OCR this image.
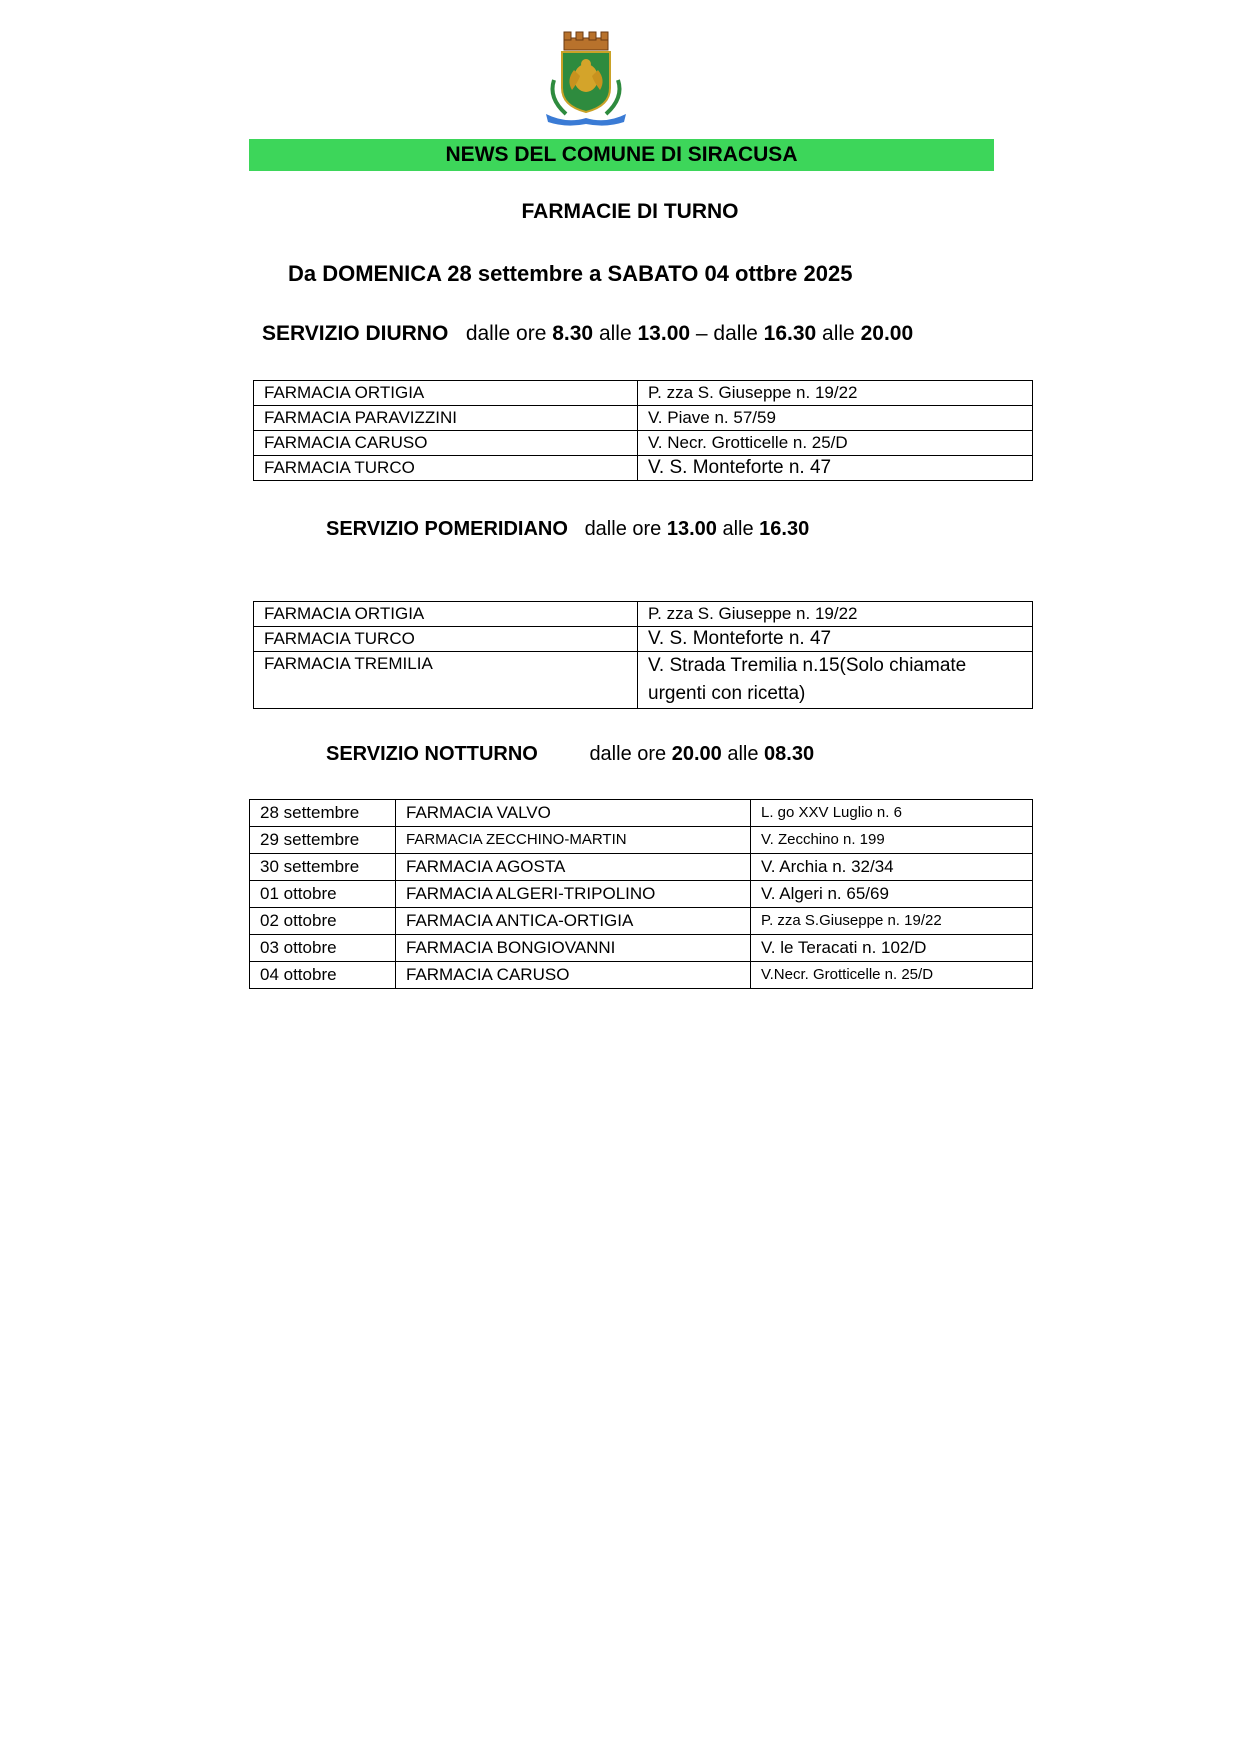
NEWS DEL COMUNE DI SIRACUSA
FARMACIE DI TURNO
Da DOMENICA 28 settembre a SABATO 04 ottbre 2025
SERVIZIO DIURNO dalle ore 8.30 alle 13.00 – dalle 16.30 alle 20.00
FARMACIA ORTIGIA	P. zza S. Giuseppe n. 19/22
FARMACIA PARAVIZZINI	V. Piave n. 57/59
FARMACIA CARUSO	V. Necr. Grotticelle n. 25/D
FARMACIA TURCO	V. S. Monteforte n. 47
SERVIZIO POMERIDIANO dalle ore 13.00 alle 16.30
FARMACIA ORTIGIA	P. zza S. Giuseppe n. 19/22
FARMACIA TURCO	V. S. Monteforte n. 47
FARMACIA TREMILIA	V. Strada Tremilia n.15(Solo chiamate urgenti con ricetta)
SERVIZIO NOTTURNO	dalle ore 20.00 alle 08.30
28 settembre	FARMACIA VALVO	L. go XXV Luglio n. 6
29 settembre	FARMACIA ZECCHINO-MARTIN	V. Zecchino n. 199
30 settembre	FARMACIA AGOSTA	V. Archia n. 32/34
01 ottobre	FARMACIA ALGERI-TRIPOLINO	V. Algeri n. 65/69
02 ottobre	FARMACIA ANTICA-ORTIGIA	P. zza S.Giuseppe n. 19/22
03 ottobre	FARMACIA BONGIOVANNI	V. le Teracati n. 102/D
04 ottobre	FARMACIA CARUSO	V.Necr. Grotticelle n. 25/D
